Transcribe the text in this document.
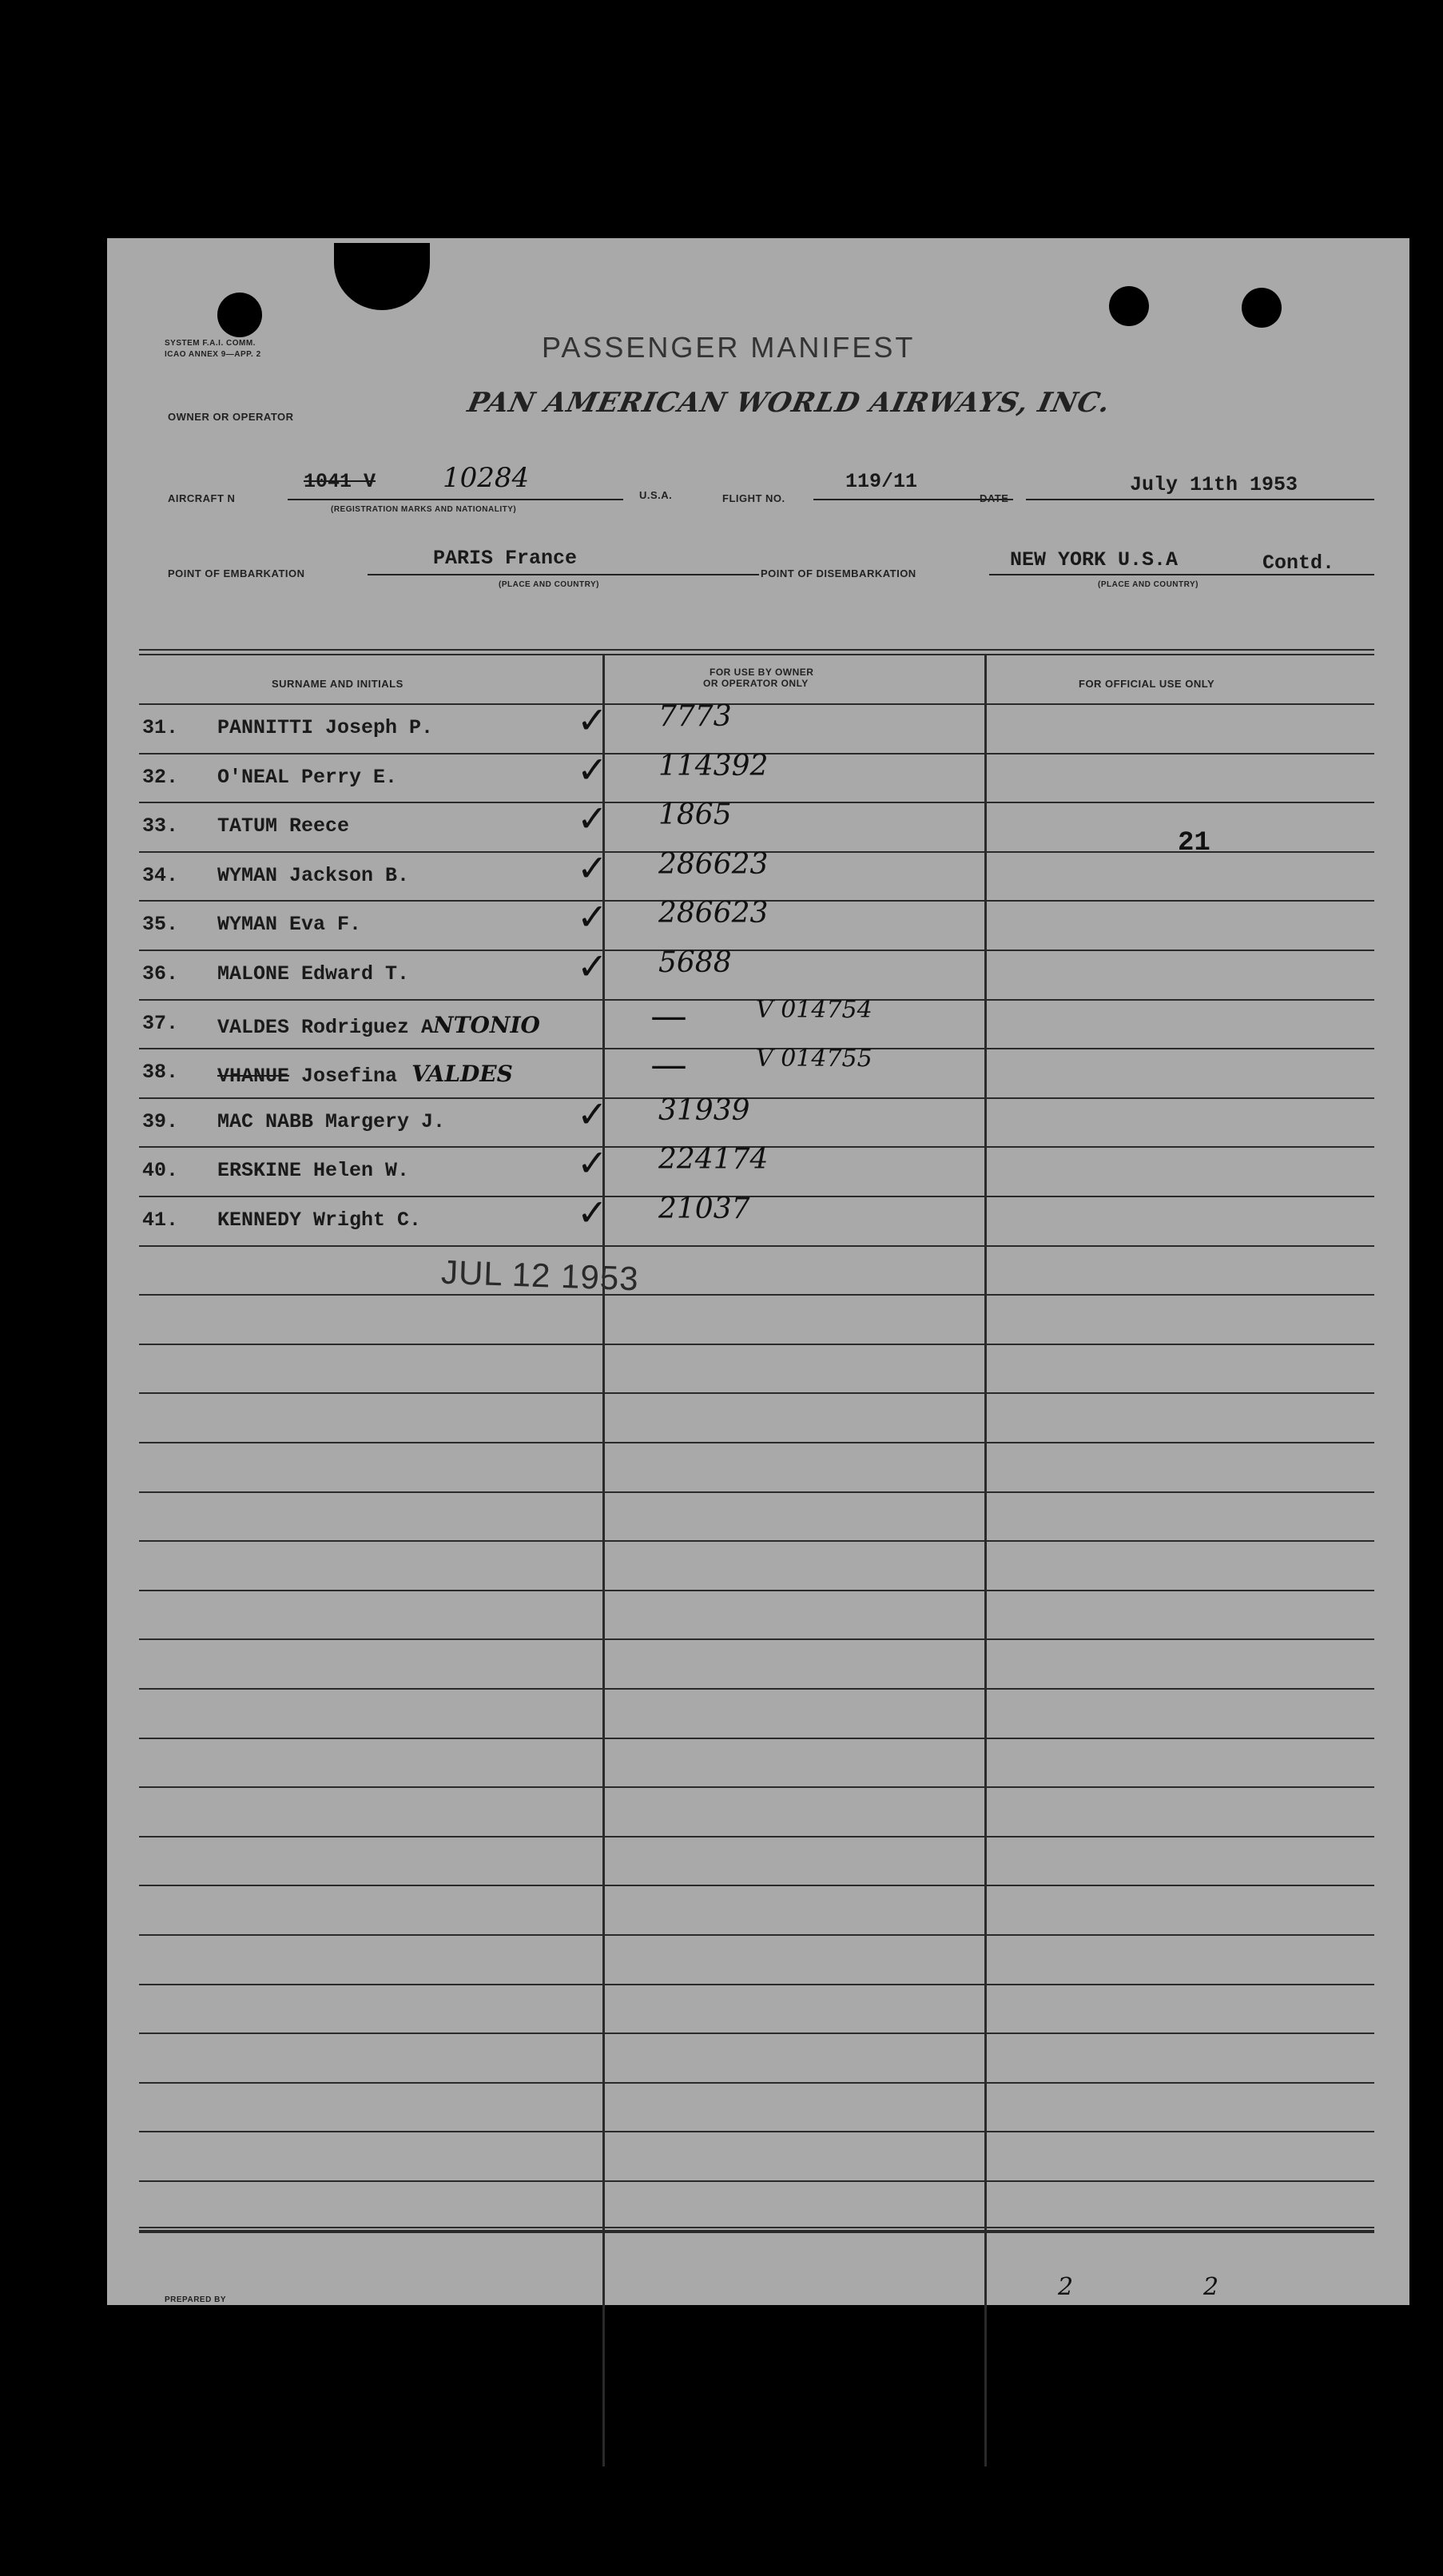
SYSTEM F.A.I. COMM.
ICAO ANNEX 9—APP. 2	PASSENGER MANIFEST
PAN AMERICAN WORLD AIRWAYS, INC.
OWNER OR OPERATOR
AIRCRAFT N
1041 V 10284
(REGISTRATION MARKS AND NATIONALITY)
U.S.A.	FLIGHT NO.
119/11
DATE
July 11th 1953
POINT OF EMBARKATION
PARIS France
(PLACE AND COUNTRY)
POINT OF DISEMBARKATION
NEW YORK U.S.A	Contd.
(PLACE AND COUNTRY)
SURNAME AND INITIALS
FOR USE BY OWNER
OR OPERATOR ONLY	FOR OFFICIAL USE ONLY
31. PANNITTI Joseph P.	✓ 7773
32. O'NEAL Perry E.	✓ 114392
33. TATUM Reece	✓ 1865
34. WYMAN Jackson B.	✓ 286623
35. WYMAN Eva F.	✓ 286623
36. MALONE Edward T.	✓ 5688
37. VALDES Rodriguez ANTONIO	—	V 014754
38. VHANUE Josefina VALDES	—	V 014755
39. MAC NABB Margery J.	✓ 31939
40. ERSKINE Helen W.	✓ 224174
41. KENNEDY Wright C.	✓ 21037
21
JUL 12 1953
PREPARED BY	2	2
